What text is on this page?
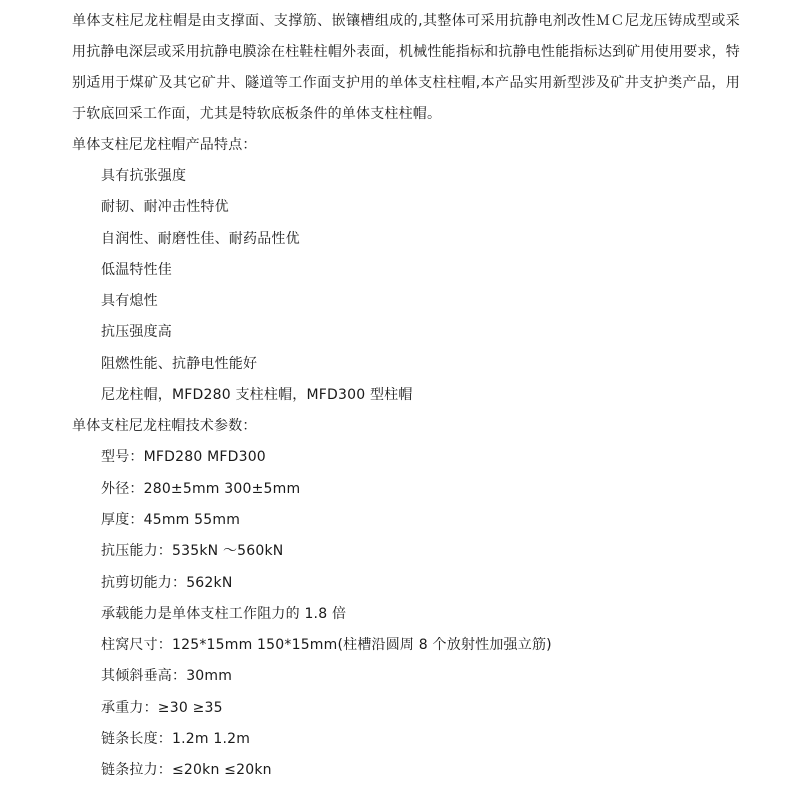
单体支柱尼龙柱帽是由支撑面、支撑筋、嵌镶槽组成的,其整体可采用抗静电剂改性ＭＣ尼龙压铸成型或采用抗静电深层或采用抗静电膜涂在柱鞋柱帽外表面，机械性能指标和抗静电性能指标达到矿用使用要求，特别适用于煤矿及其它矿井、隧道等工作面支护用的单体支柱柱帽,本产品实用新型涉及矿井支护类产品，用于软底回采工作面，尤其是特软底板条件的单体支柱柱帽。

单体支柱尼龙柱帽产品特点：

具有抗张强度
耐韧、耐冲击性特优
自润性、耐磨性佳、耐药品性优
低温特性佳
具有熄性
抗压强度高
阻燃性能、抗静电性能好
尼龙柱帽，MFD280 支柱柱帽，MFD300 型柱帽

单体支柱尼龙柱帽技术参数：

型号：MFD280 MFD300
外径：280±5mm 300±5mm
厚度：45mm 55mm
抗压能力：535kN ～560kN
抗剪切能力：562kN
承载能力是单体支柱工作阻力的 1.8 倍
柱窝尺寸：125*15mm 150*15mm(柱槽沿圆周 8 个放射性加强立筋)
其倾斜垂高：30mm
承重力：≥30 ≥35
链条长度：1.2m 1.2m
链条拉力：≤20kn ≤20kn
